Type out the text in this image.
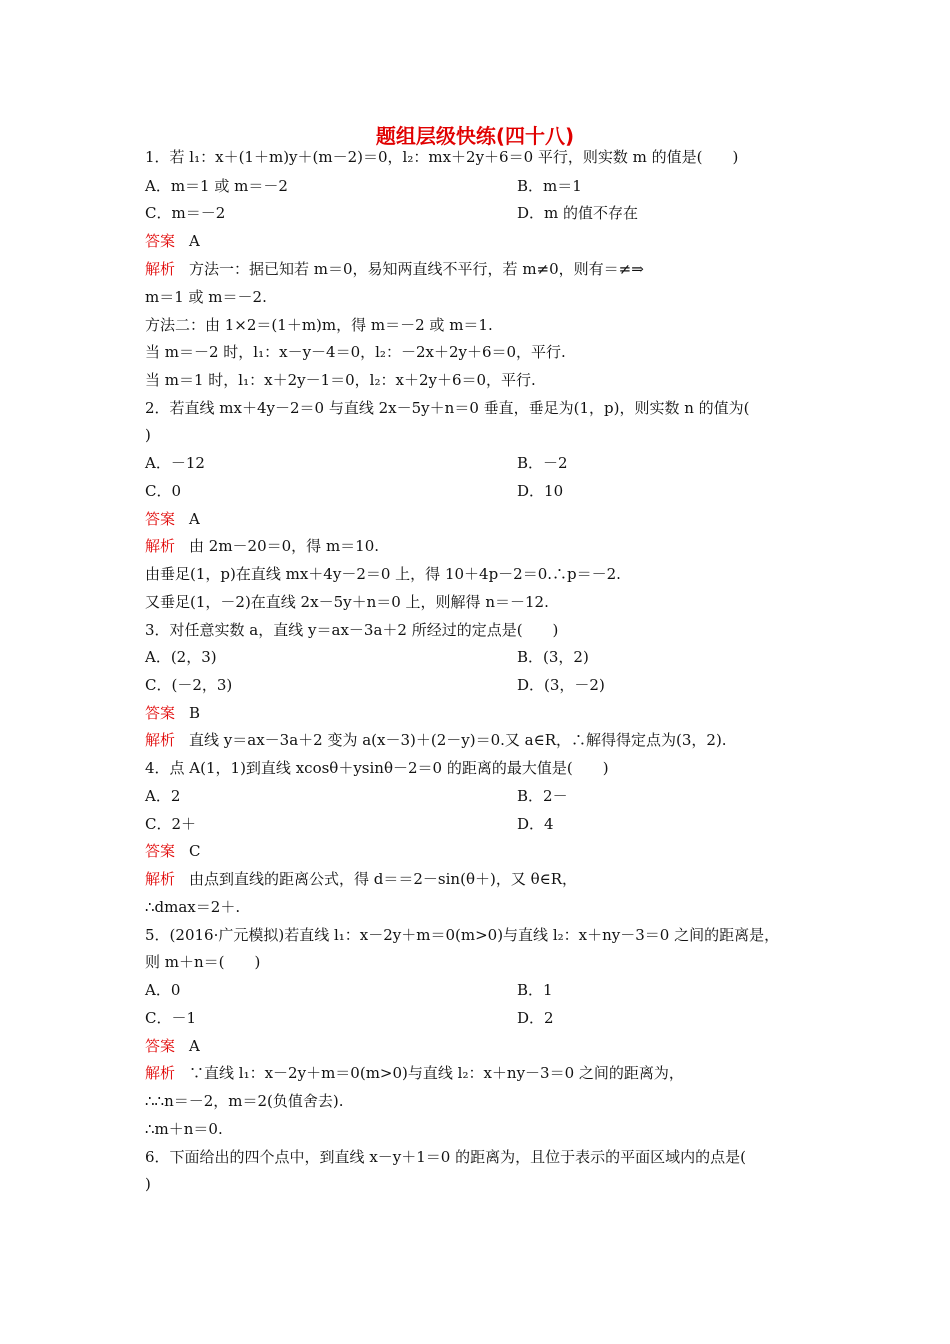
题组层级快练(四十八)
1．若 l₁：x＋(1＋m)y＋(m－2)＝0，l₂：mx＋2y＋6＝0 平行，则实数 m 的值是(　　)
A．m＝1 或 m＝－2	B．m＝1
C．m＝－2	D．m 的值不存在
答案 A
解析 方法一：据已知若 m＝0，易知两直线不平行，若 m≠0，则有＝≠⇒
m＝1 或 m＝－2.
方法二：由 1×2＝(1＋m)m，得 m＝－2 或 m＝1.
当 m＝－2 时，l₁：x－y－4＝0，l₂：－2x＋2y＋6＝0，平行.
当 m＝1 时，l₁：x＋2y－1＝0，l₂：x＋2y＋6＝0，平行.
2．若直线 mx＋4y－2＝0 与直线 2x－5y＋n＝0 垂直，垂足为(1，p)，则实数 n 的值为(
)
A．－12	B．－2
C．0	D．10
答案 A
解析 由 2m－20＝0，得 m＝10.
由垂足(1，p)在直线 mx＋4y－2＝0 上，得 10＋4p－2＝0.∴p＝－2.
又垂足(1，－2)在直线 2x－5y＋n＝0 上，则解得 n＝－12.
3．对任意实数 a，直线 y＝ax－3a＋2 所经过的定点是(　　)
A．(2，3)	B．(3，2)
C．(－2，3)	D．(3，－2)
答案 B
解析 直线 y＝ax－3a＋2 变为 a(x－3)＋(2－y)＝0.又 a∈R，∴解得得定点为(3，2).
4．点 A(1，1)到直线 xcosθ＋ysinθ－2＝0 的距离的最大值是(　　)
A．2	B．2－
C．2＋	D．4
答案 C
解析 由点到直线的距离公式，得 d＝＝2－sin(θ＋)，又 θ∈R，
∴dmax＝2＋.
5．(2016·广元模拟)若直线 l₁：x－2y＋m＝0(m>0)与直线 l₂：x＋ny－3＝0 之间的距离是，
则 m＋n＝(　　)
A．0	B．1
C．－1	D．2
答案 A
解析 ∵直线 l₁：x－2y＋m＝0(m>0)与直线 l₂：x＋ny－3＝0 之间的距离为，
∴∴n＝－2，m＝2(负值舍去).
∴m＋n＝0.
6．下面给出的四个点中，到直线 x－y＋1＝0 的距离为，且位于表示的平面区域内的点是(
)
